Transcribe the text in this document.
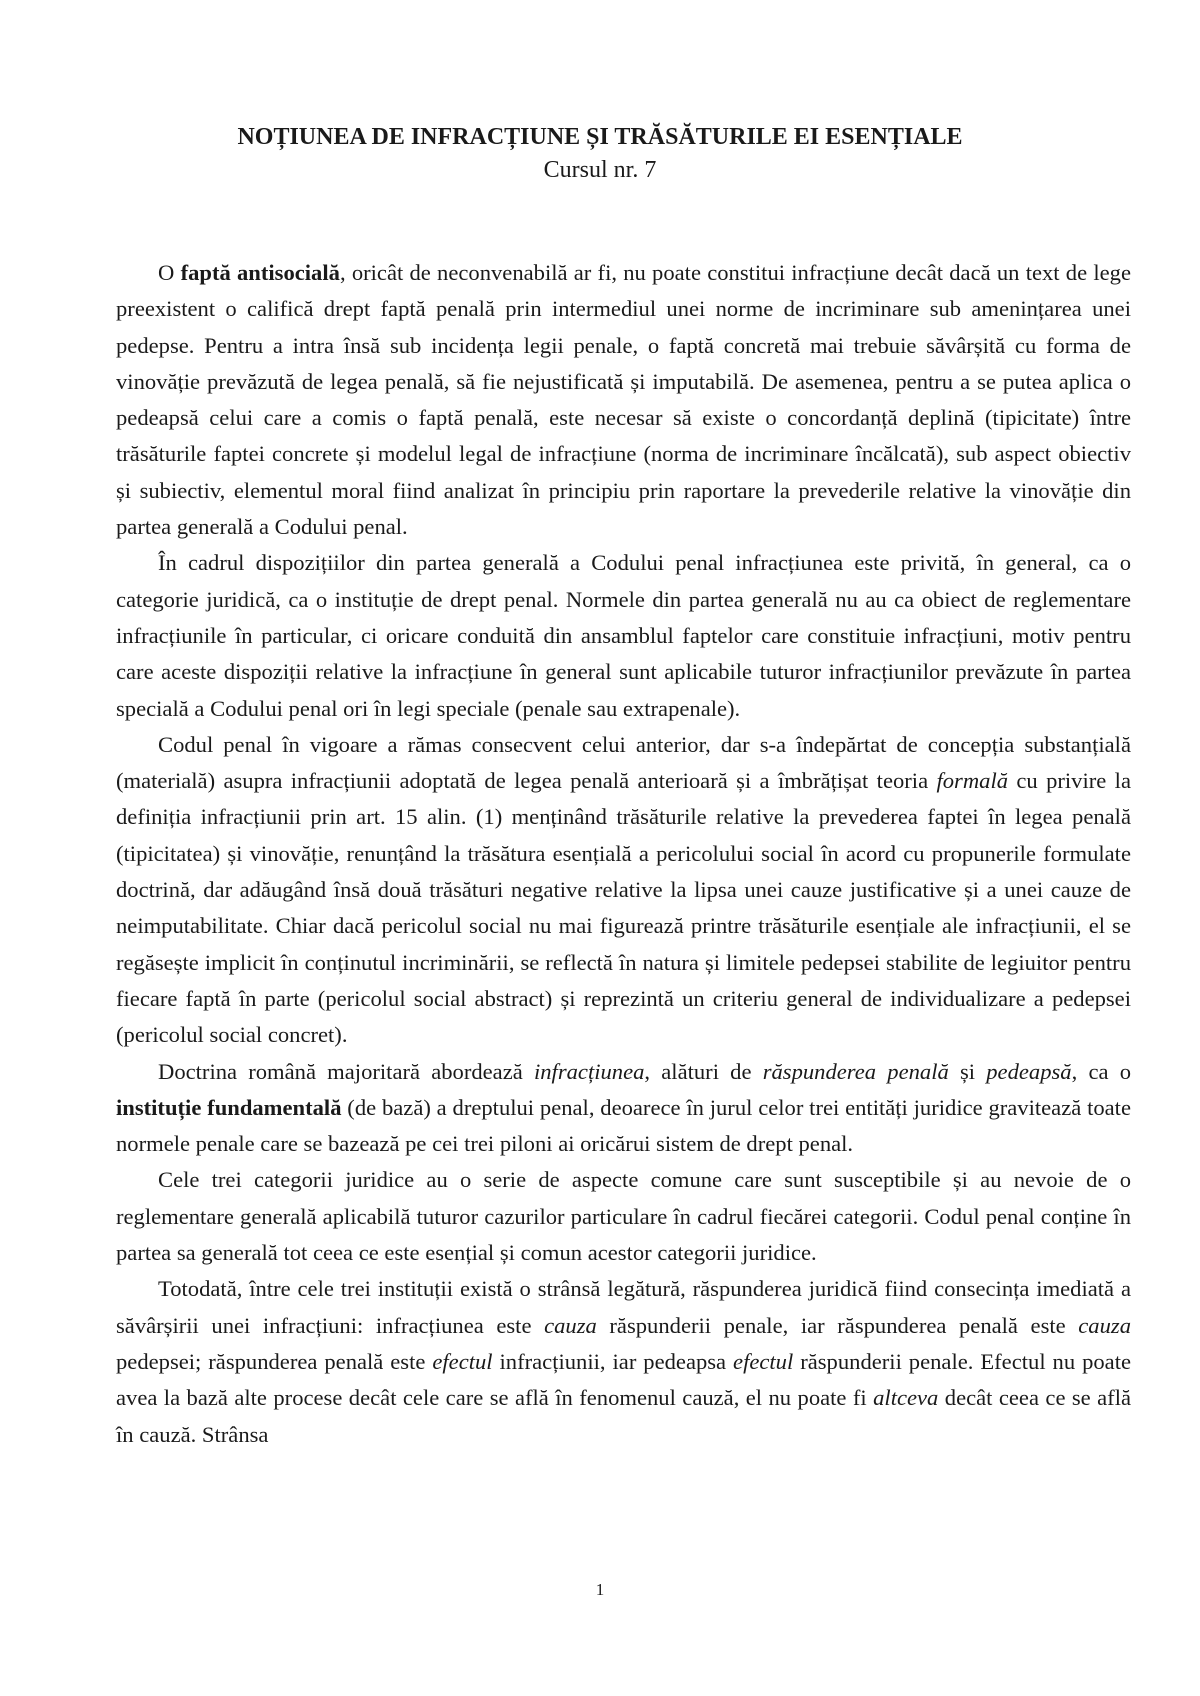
NOȚIUNEA DE INFRACȚIUNE ȘI TRĂSĂTURILE EI ESENȚIALE
Cursul nr. 7

O faptă antisocială, oricât de neconvenabilă ar fi, nu poate constitui infracțiune decât dacă un text de lege preexistent o califică drept faptă penală prin intermediul unei norme de incriminare sub amenințarea unei pedepse. Pentru a intra însă sub incidența legii penale, o faptă concretă mai trebuie săvârșită cu forma de vinovăție prevăzută de legea penală, să fie nejustificată și imputabilă. De asemenea, pentru a se putea aplica o pedeapsă celui care a comis o faptă penală, este necesar să existe o concordanță deplină (tipicitate) între trăsăturile faptei concrete și modelul legal de infracțiune (norma de incriminare încălcată), sub aspect obiectiv și subiectiv, elementul moral fiind analizat în principiu prin raportare la prevederile relative la vinovăție din partea generală a Codului penal.

În cadrul dispozițiilor din partea generală a Codului penal infracțiunea este privită, în general, ca o categorie juridică, ca o instituție de drept penal. Normele din partea generală nu au ca obiect de reglementare infracțiunile în particular, ci oricare conduită din ansamblul faptelor care constituie infracțiuni, motiv pentru care aceste dispoziții relative la infracțiune în general sunt aplicabile tuturor infracțiunilor prevăzute în partea specială a Codului penal ori în legi speciale (penale sau extrapenale).

Codul penal în vigoare a rămas consecvent celui anterior, dar s-a îndepărtat de concepția substanțială (materială) asupra infracțiunii adoptată de legea penală anterioară și a îmbrățișat teoria formală cu privire la definiția infracțiunii prin art. 15 alin. (1) menținând trăsăturile relative la prevederea faptei în legea penală (tipicitatea) și vinovăție, renunțând la trăsătura esențială a pericolului social în acord cu propunerile formulate doctrină, dar adăugând însă două trăsături negative relative la lipsa unei cauze justificative și a unei cauze de neimputabilitate. Chiar dacă pericolul social nu mai figurează printre trăsăturile esențiale ale infracțiunii, el se regăsește implicit în conținutul incriminării, se reflectă în natura și limitele pedepsei stabilite de legiuitor pentru fiecare faptă în parte (pericolul social abstract) și reprezintă un criteriu general de individualizare a pedepsei (pericolul social concret).

Doctrina română majoritară abordează infracțiunea, alături de răspunderea penală și pedeapsă, ca o instituție fundamentală (de bază) a dreptului penal, deoarece în jurul celor trei entități juridice gravitează toate normele penale care se bazează pe cei trei piloni ai oricărui sistem de drept penal.

Cele trei categorii juridice au o serie de aspecte comune care sunt susceptibile și au nevoie de o reglementare generală aplicabilă tuturor cazurilor particulare în cadrul fiecărei categorii. Codul penal conține în partea sa generală tot ceea ce este esențial și comun acestor categorii juridice.

Totodată, între cele trei instituții există o strânsă legătură, răspunderea juridică fiind consecința imediată a săvârșirii unei infracțiuni: infracțiunea este cauza răspunderii penale, iar răspunderea penală este cauza pedepsei; răspunderea penală este efectul infracțiunii, iar pedeapsa efectul răspunderii penale. Efectul nu poate avea la bază alte procese decât cele care se află în fenomenul cauză, el nu poate fi altceva decât ceea ce se află în cauză. Strânsa

1
